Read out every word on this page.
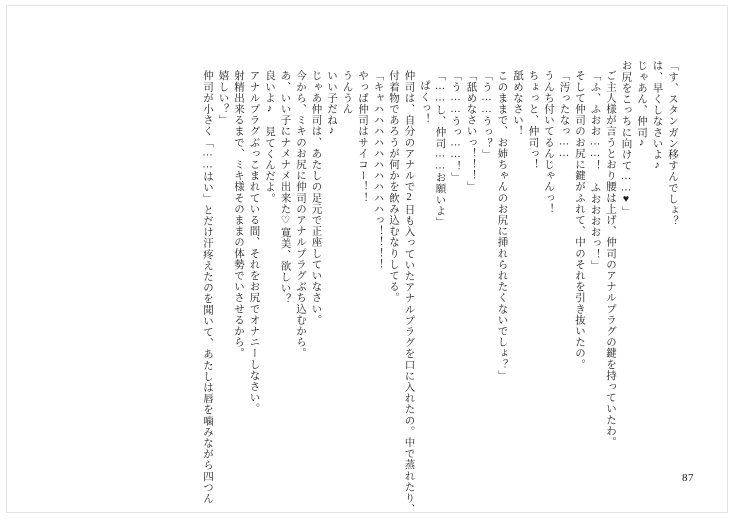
「す、スタンガン移すんでしょ？
は、早くしなさいよ♪
じゃあん、仲司♪
お尻をこっちに向けて……♥」
ご主人様が言うとおり腰は上げ、仲司のアナルプラグの鍵を持っていたわ。
「ふ、ふおお……！　ふおおおおっ！」
そして仲司のお尻に鍵がふれて、中のそれを引き抜いたの。
「汚ったなっ……
うんち付いてるんじゃんっ！
ちょっと、仲司っ！
舐めなさい！
このままで、お姉ちゃんのお尻に挿れられたくないでしょ？」
「う……うっ？」
「舐めなさいっ！！！」
「う……うっ……！」
「……し、仲司……お願いよ」
ぱくっ！
仲司は、自分のアナルで2日も入っていたアナルプラグを口に入れたの。中で蒸れたり、
付着物であろうが何かを飲み込むなりしてる。
「キャハハハハハハハハハハっ！！！！
やっぱ仲司はサイコー！！
うんうん
いい子だね♪
じゃあ仲司は、あたしの足元で正座していなさい。
今から、ミキのお尻に仲司のアナルプラグぶち込むから。
あ、いい子にナメナメ出来た♡寛美、欲しい？
良いよ♪　見てくんだよ。
アナルプラグぶっこまれている間、それをお尻でオナニーしなさい。
射精出来るまで、ミキ様そのままの体勢でいさせるから。
嬉しい？」
仲司が小さく「……はい」とだけ汗疼えたのを聞いて、あたしは唇を噛みながら四つん	87
